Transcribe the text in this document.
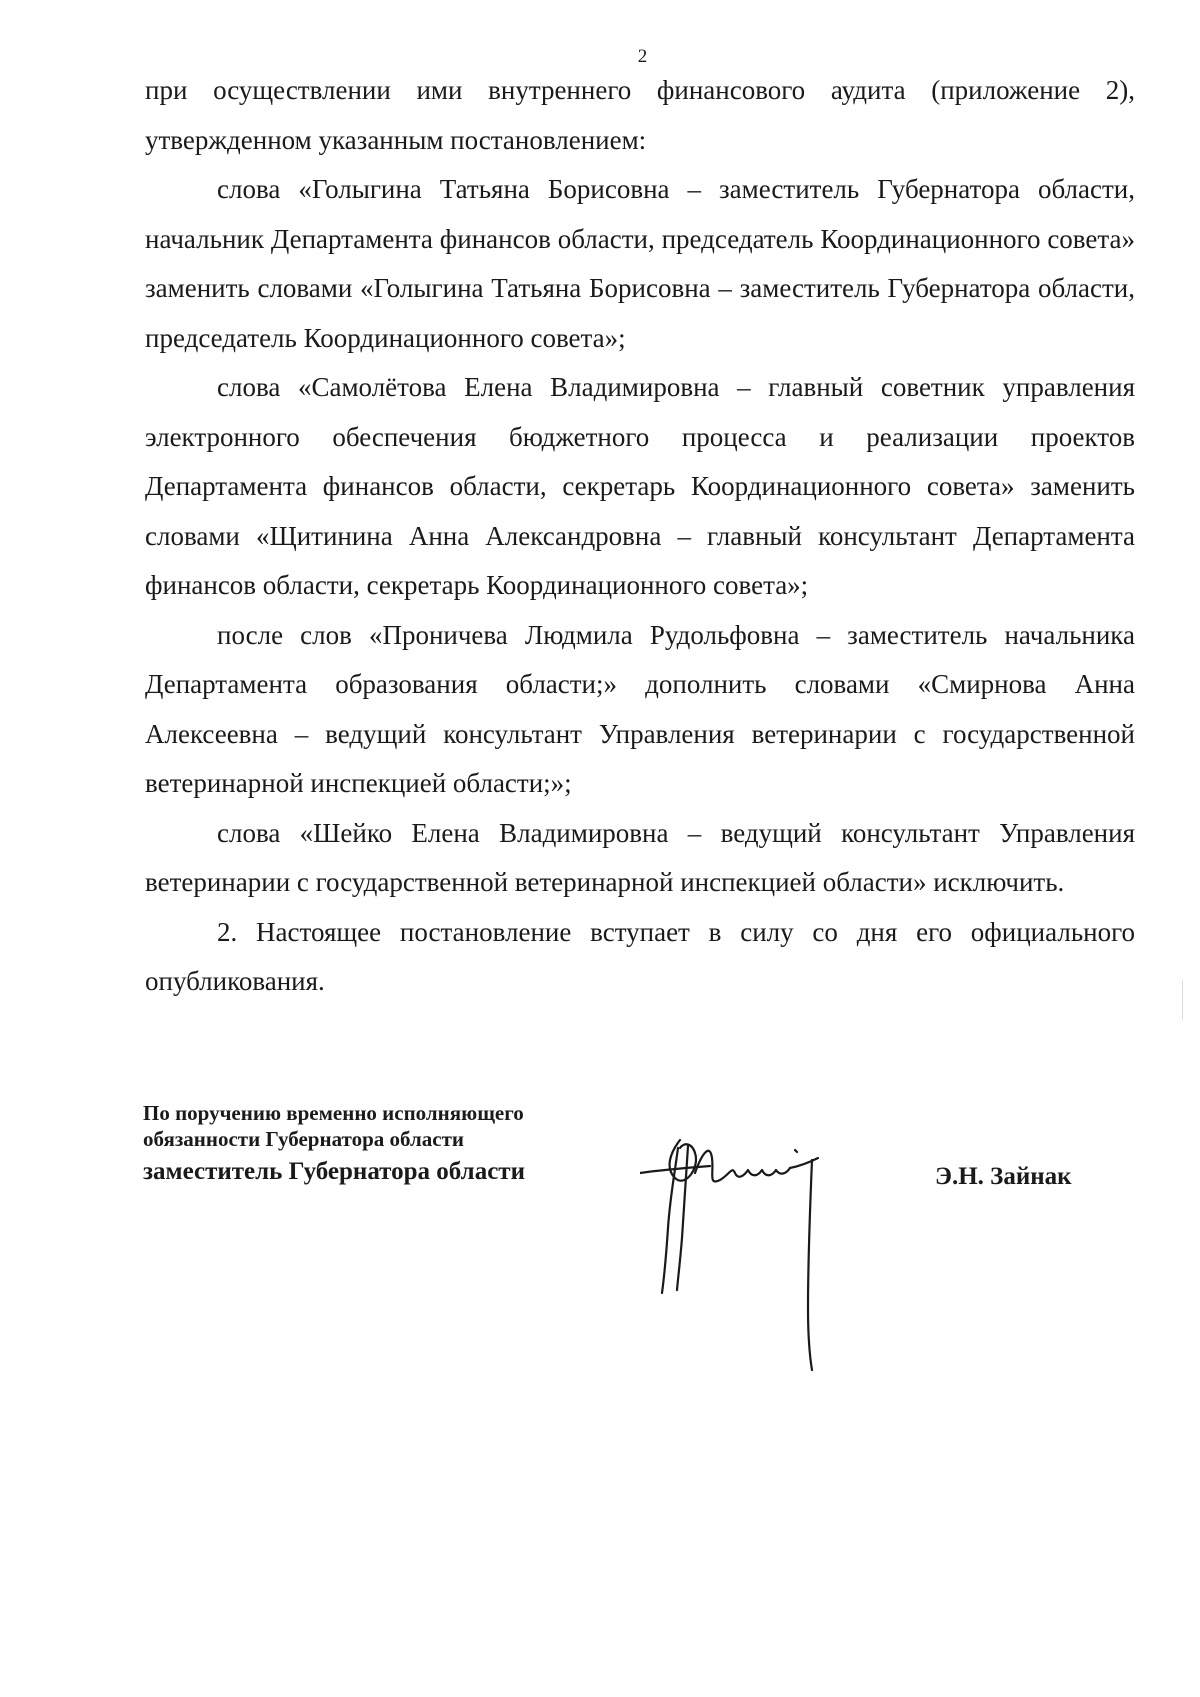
2

при осуществлении ими внутреннего финансового аудита (приложение 2), утвержденном указанным постановлением:

слова «Голыгина Татьяна Борисовна – заместитель Губернатора области, начальник Департамента финансов области, председатель Координационного совета» заменить словами «Голыгина Татьяна Борисовна – заместитель Губернатора области, председатель Координационного совета»;

слова «Самолётова Елена Владимировна – главный советник управления электронного обеспечения бюджетного процесса и реализации проектов Департамента финансов области, секретарь Координационного совета» заменить словами «Щитинина Анна Александровна – главный консультант Департамента финансов области, секретарь Координационного совета»;

после слов «Проничева Людмила Рудольфовна – заместитель начальника Департамента образования области;» дополнить словами «Смирнова Анна Алексеевна – ведущий консультант Управления ветеринарии с государственной ветеринарной инспекцией области;»;

слова «Шейко Елена Владимировна – ведущий консультант Управления ветеринарии с государственной ветеринарной инспекцией области» исключить.

2. Настоящее постановление вступает в силу со дня его официального опубликования.

По поручению временно исполняющего
обязанности Губернатора области
заместитель Губернатора области	Э.Н. Зайнак
